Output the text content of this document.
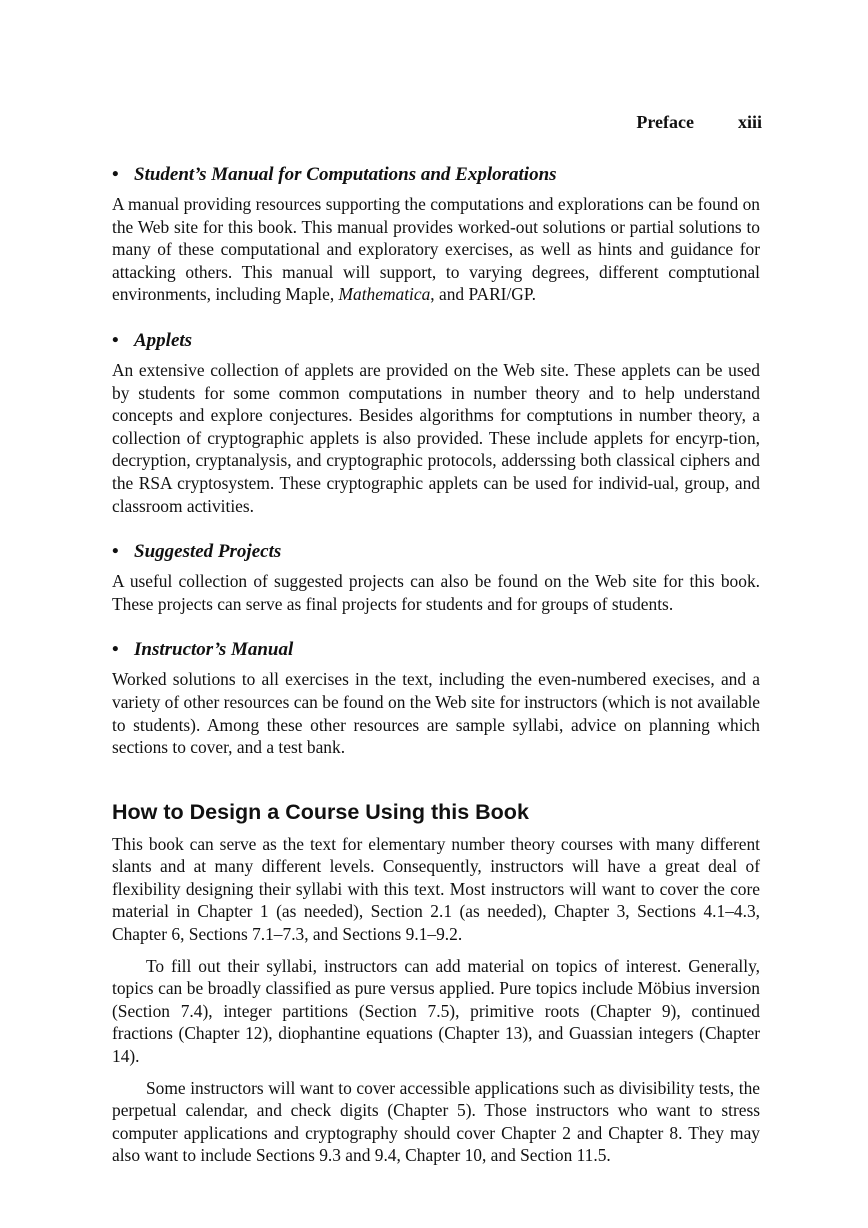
Preface xiii
• Student’s Manual for Computations and Explorations

A manual providing resources supporting the computations and explorations can be found on the Web site for this book. This manual provides worked-out solutions or partial solutions to many of these computational and exploratory exercises, as well as hints and guidance for attacking others. This manual will support, to varying degrees, different comptutional environments, including Maple, Mathematica, and PARI/GP.

• Applets

An extensive collection of applets are provided on the Web site. These applets can be used by students for some common computations in number theory and to help understand concepts and explore conjectures. Besides algorithms for comptutions in number theory, a collection of cryptographic applets is also provided. These include applets for encyrp-tion, decryption, cryptanalysis, and cryptographic protocols, adderssing both classical ciphers and the RSA cryptosystem. These cryptographic applets can be used for individ-ual, group, and classroom activities.

• Suggested Projects

A useful collection of suggested projects can also be found on the Web site for this book. These projects can serve as final projects for students and for groups of students.

• Instructor’s Manual

Worked solutions to all exercises in the text, including the even-numbered execises, and a variety of other resources can be found on the Web site for instructors (which is not available to students). Among these other resources are sample syllabi, advice on planning which sections to cover, and a test bank.

How to Design a Course Using this Book

This book can serve as the text for elementary number theory courses with many different slants and at many different levels. Consequently, instructors will have a great deal of flexibility designing their syllabi with this text. Most instructors will want to cover the core material in Chapter 1 (as needed), Section 2.1 (as needed), Chapter 3, Sections 4.1–4.3, Chapter 6, Sections 7.1–7.3, and Sections 9.1–9.2.

To fill out their syllabi, instructors can add material on topics of interest. Generally, topics can be broadly classified as pure versus applied. Pure topics include Möbius inversion (Section 7.4), integer partitions (Section 7.5), primitive roots (Chapter 9), continued fractions (Chapter 12), diophantine equations (Chapter 13), and Guassian integers (Chapter 14).

Some instructors will want to cover accessible applications such as divisibility tests, the perpetual calendar, and check digits (Chapter 5). Those instructors who want to stress computer applications and cryptography should cover Chapter 2 and Chapter 8. They may also want to include Sections 9.3 and 9.4, Chapter 10, and Section 11.5.
